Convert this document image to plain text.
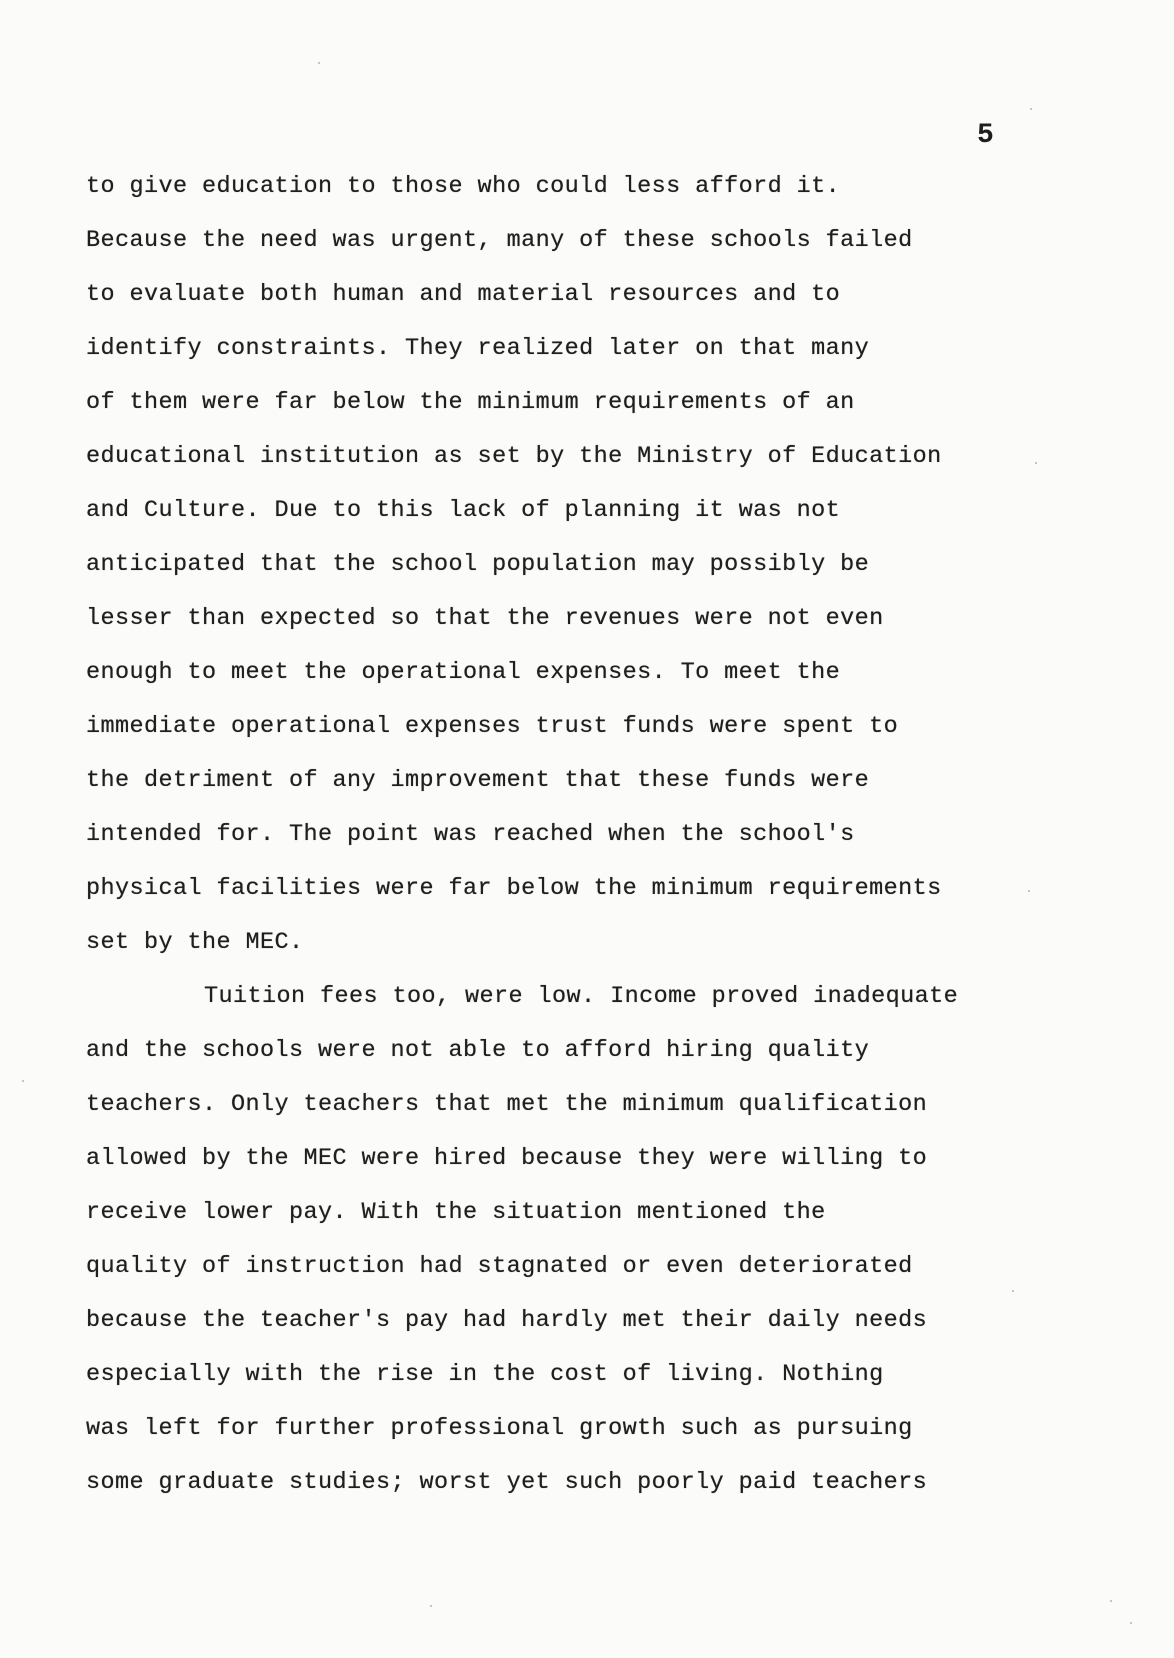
5
to give education to those who could less afford it.
Because the need was urgent, many of these schools failed
to evaluate both human and material resources and to
identify constraints. They realized later on that many
of them were far below the minimum requirements of an
educational institution as set by the Ministry of Education
and Culture. Due to this lack of planning it was not
anticipated that the school population may possibly be
lesser than expected so that the revenues were not even
enough to meet the operational expenses. To meet the
immediate operational expenses trust funds were spent to
the detriment of any improvement that these funds were
intended for. The point was reached when the school's
physical facilities were far below the minimum requirements
set by the MEC.
Tuition fees too, were low. Income proved inadequate
and the schools were not able to afford hiring quality
teachers. Only teachers that met the minimum qualification
allowed by the MEC were hired because they were willing to
receive lower pay. With the situation mentioned the
quality of instruction had stagnated or even deteriorated
because the teacher's pay had hardly met their daily needs
especially with the rise in the cost of living. Nothing
was left for further professional growth such as pursuing
some graduate studies; worst yet such poorly paid teachers
